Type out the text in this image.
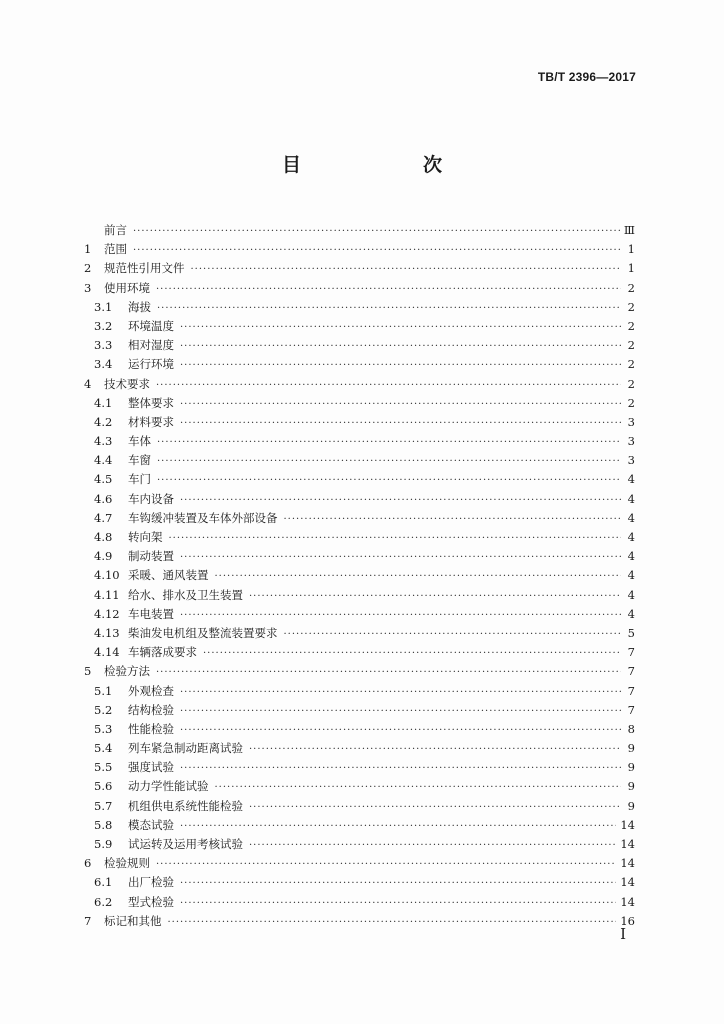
TB/T 2396—2017
目　　次
前言 ·····	Ⅲ
1	范围 ·····	1
2	规范性引用文件 ·····	1
3	使用环境 ·····	2
3.1	海拔 ·····	2
3.2	环境温度 ·····	2
3.3	相对湿度 ·····	2
3.4	运行环境 ·····	2
4	技术要求 ·····	2
4.1	整体要求 ·····	2
4.2	材料要求 ·····	3
4.3	车体 ·····	3
4.4	车窗 ·····	3
4.5	车门 ·····	4
4.6	车内设备 ·····	4
4.7	车钩缓冲装置及车体外部设备 ·····	4
4.8	转向架 ·····	4
4.9	制动装置 ·····	4
4.10 采暖、通风装置 ·····	4
4.11 给水、排水及卫生装置 ·····	4
4.12 车电装置 ·····	4
4.13 柴油发电机组及整流装置要求 ·····	5
4.14 车辆落成要求 ·····	7
5	检验方法 ·····	7
5.1	外观检查 ·····	7
5.2	结构检验 ·····	7
5.3	性能检验 ·····	8
5.4	列车紧急制动距离试验 ·····	9
5.5	强度试验 ·····	9
5.6	动力学性能试验 ·····	9
5.7	机组供电系统性能检验 ·····	9
5.8	模态试验 ·····	14
5.9	试运转及运用考核试验 ·····	14
6	检验规则 ·····	14
6.1	出厂检验 ·····	14
6.2	型式检验 ·····	14
7	标记和其他 ·····	16
Ⅰ
